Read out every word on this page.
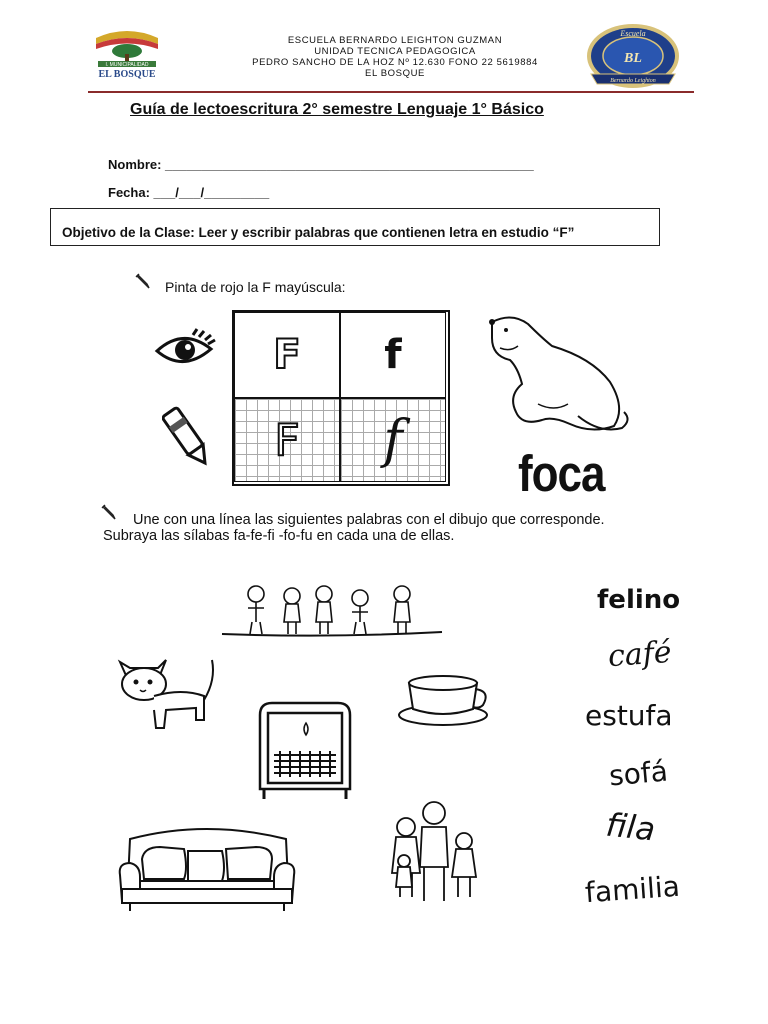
I. MUNICIPALIDAD
EL BOSQUE
ESCUELA BERNARDO LEIGHTON GUZMAN
UNIDAD TECNICA PEDAGOGICA
PEDRO SANCHO DE LA HOZ Nº 12.630 FONO 22 5619884
EL BOSQUE
Escuela
BL
Bernardo Leighton
Guía de lectoescritura 2° semestre Lenguaje 1° Básico
Nombre: ___________________________________________________
Fecha: ___/___/_________
Objetivo de la Clase: Leer y escribir palabras que contienen letra en estudio “F”
Pinta de rojo la F mayúscula:
F f
F f
foca
Une con una línea las siguientes palabras con el dibujo que corresponde.
Subraya las sílabas fa-fe-fi -fo-fu en cada una de ellas.
felino
café
estufa
sofá
fila
familia
